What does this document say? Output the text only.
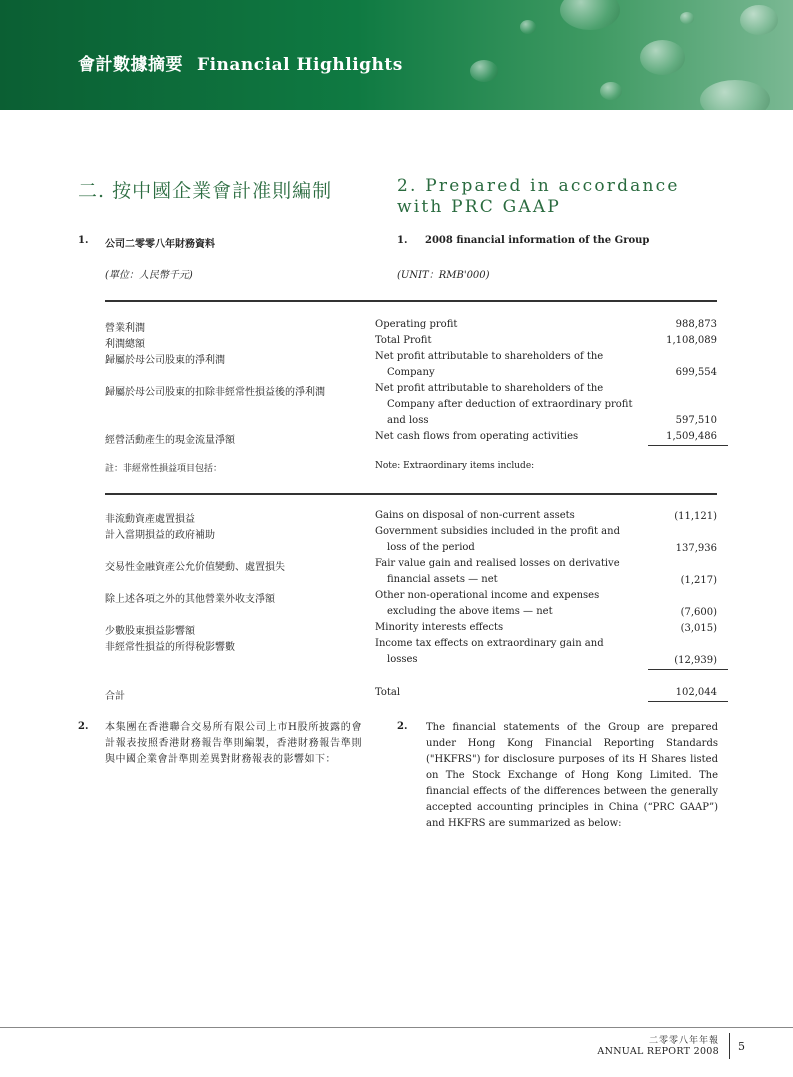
會計數據摘要 Financial Highlights
二. 按中國企業會計准則編制	2. Prepared in accordance with PRC GAAP
1. 公司二零零八年財務資料	1. 2008 financial information of the Group
(單位：人民幣千元)	(UNIT：RMB'000)
營業利潤	Operating profit	988,873
利潤總額	Total Profit	1,108,089
歸屬於母公司股東的淨利潤	Net profit attributable to shareholders of the
Company	699,554
歸屬於母公司股東的扣除非經常性損益後的淨利潤	Net profit attributable to shareholders of the
Company after deduction of extraordinary profit
and loss	597,510
經營活動產生的現金流量淨額	Net cash flows from operating activities	1,509,486
註：非經常性損益項目包括：	Note: Extraordinary items include:
非流動資產處置損益	Gains on disposal of non-current assets	(11,121)
計入當期損益的政府補助	Government subsidies included in the profit and
loss of the period	137,936
交易性金融資產公允价值變動、處置損失	Fair value gain and realised losses on derivative
financial assets — net	(1,217)
除上述各項之外的其他營業外收支淨額	Other non-operational income and expenses
excluding the above items — net	(7,600)
少數股東損益影響額	Minority interests effects	(3,015)
非經常性損益的所得稅影響數	Income tax effects on extraordinary gain and
losses	(12,939)
合計	Total	102,044
2. 本集團在香港聯合交易所有限公司上市H股所披露的會計報表按照香港財務報告準則編製，香港財務報告準則與中國企業會計準則差異對財務報表的影響如下：
2. The financial statements of the Group are prepared under Hong Kong Financial Reporting Standards ("HKFRS") for disclosure purposes of its H Shares listed on The Stock Exchange of Hong Kong Limited. The financial effects of the differences between the generally accepted accounting principles in China (“PRC GAAP”) and HKFRS are summarized as below:
二零零八年年報
ANNUAL REPORT 2008 5
